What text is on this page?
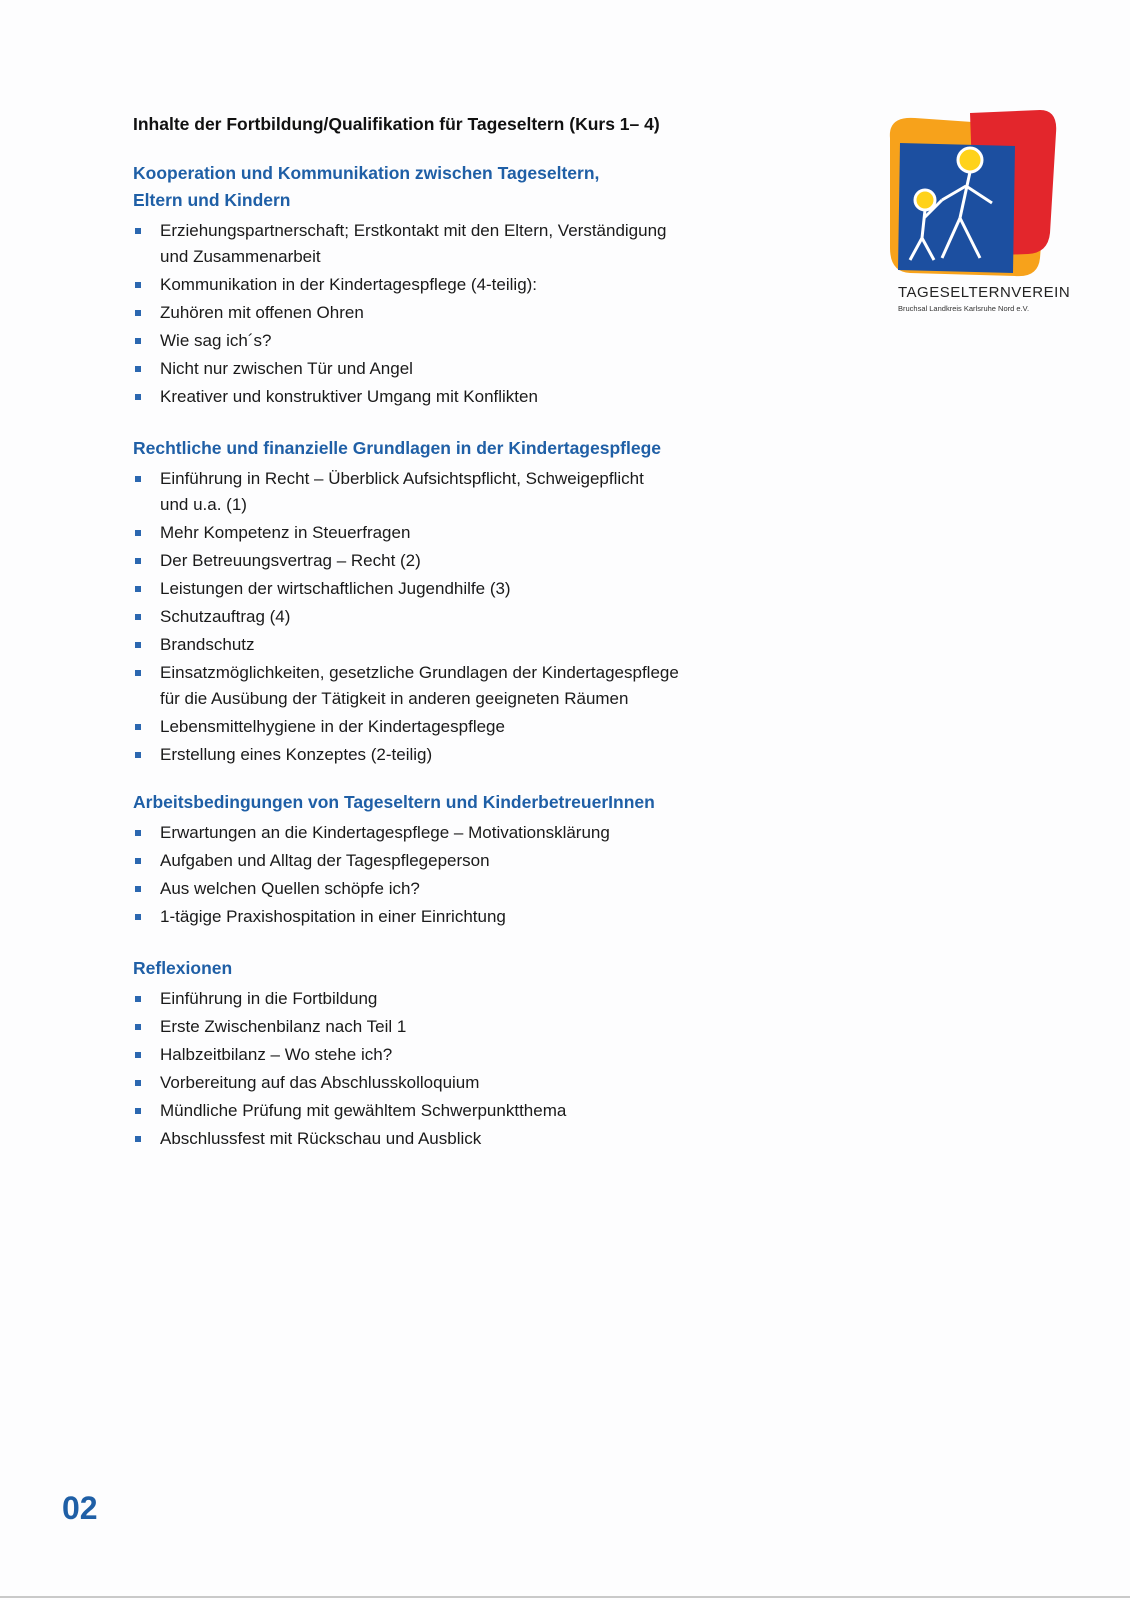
Inhalte der Fortbildung/Qualifikation für Tageseltern (Kurs 1– 4)
TAGESELTERNVEREIN
Bruchsal Landkreis Karlsruhe Nord e.V.
Kooperation und Kommunikation zwischen Tageseltern,
Eltern und Kindern
Erziehungspartnerschaft; Erstkontakt mit den Eltern, Verständigung
und Zusammenarbeit
Kommunikation in der Kindertagespflege (4-teilig):
Zuhören mit offenen Ohren
Wie sag ich´s?
Nicht nur zwischen Tür und Angel
Kreativer und konstruktiver Umgang mit Konflikten
Rechtliche und finanzielle Grundlagen in der Kindertagespflege
Einführung in Recht – Überblick Aufsichtspflicht, Schweigepflicht
und u.a. (1)
Mehr Kompetenz in Steuerfragen
Der Betreuungsvertrag – Recht (2)
Leistungen der wirtschaftlichen Jugendhilfe (3)
Schutzauftrag (4)
Brandschutz
Einsatzmöglichkeiten, gesetzliche Grundlagen der Kindertagespflege
für die Ausübung der Tätigkeit in anderen geeigneten Räumen
Lebensmittelhygiene in der Kindertagespflege
Erstellung eines Konzeptes (2-teilig)
Arbeitsbedingungen von Tageseltern und KinderbetreuerInnen
Erwartungen an die Kindertagespflege – Motivationsklärung
Aufgaben und Alltag der Tagespflegeperson
Aus welchen Quellen schöpfe ich?
1-tägige Praxishospitation in einer Einrichtung
Reflexionen
Einführung in die Fortbildung
Erste Zwischenbilanz nach Teil 1
Halbzeitbilanz – Wo stehe ich?
Vorbereitung auf das Abschlusskolloquium
Mündliche Prüfung mit gewähltem Schwerpunktthema
Abschlussfest mit Rückschau und Ausblick
02
